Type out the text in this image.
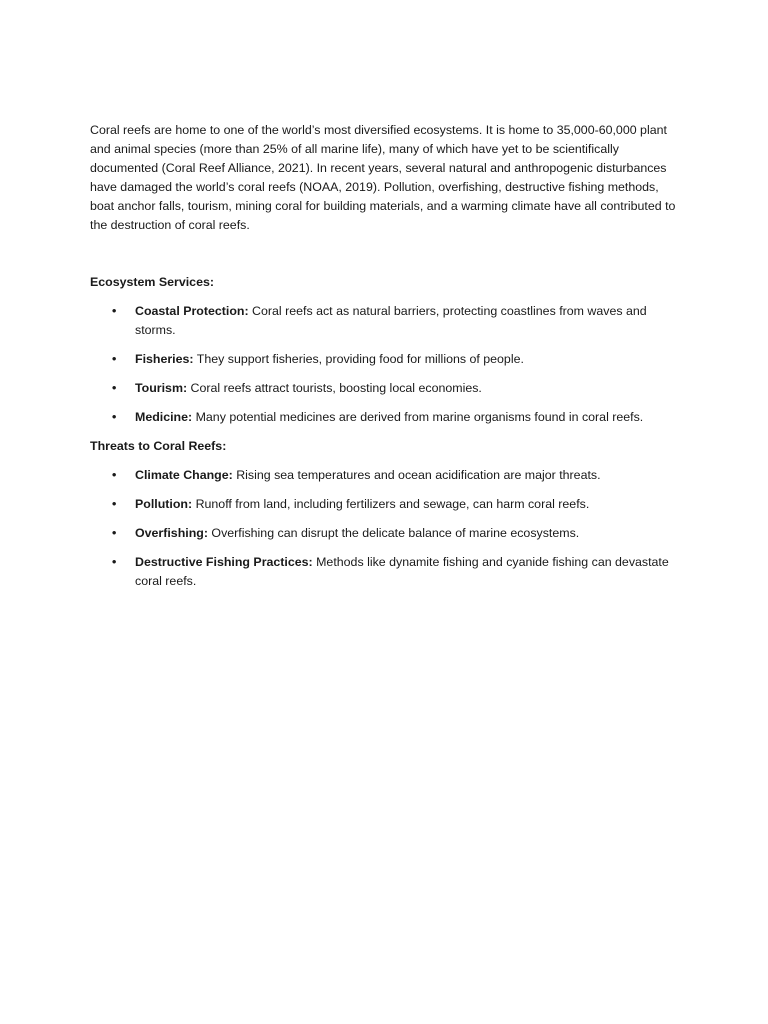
Coral reefs are home to one of the world’s most diversified ecosystems. It is home to 35,000-60,000 plant and animal species (more than 25% of all marine life), many of which have yet to be scientifically documented (Coral Reef Alliance, 2021). In recent years, several natural and anthropogenic disturbances have damaged the world’s coral reefs (NOAA, 2019). Pollution, overfishing, destructive fishing methods, boat anchor falls, tourism, mining coral for building materials, and a warming climate have all contributed to the destruction of coral reefs.

Ecosystem Services:
• Coastal Protection: Coral reefs act as natural barriers, protecting coastlines from waves and storms.
• Fisheries: They support fisheries, providing food for millions of people.
• Tourism: Coral reefs attract tourists, boosting local economies.
• Medicine: Many potential medicines are derived from marine organisms found in coral reefs.
Threats to Coral Reefs:
• Climate Change: Rising sea temperatures and ocean acidification are major threats.
• Pollution: Runoff from land, including fertilizers and sewage, can harm coral reefs.
• Overfishing: Overfishing can disrupt the delicate balance of marine ecosystems.
• Destructive Fishing Practices: Methods like dynamite fishing and cyanide fishing can devastate coral reefs.
